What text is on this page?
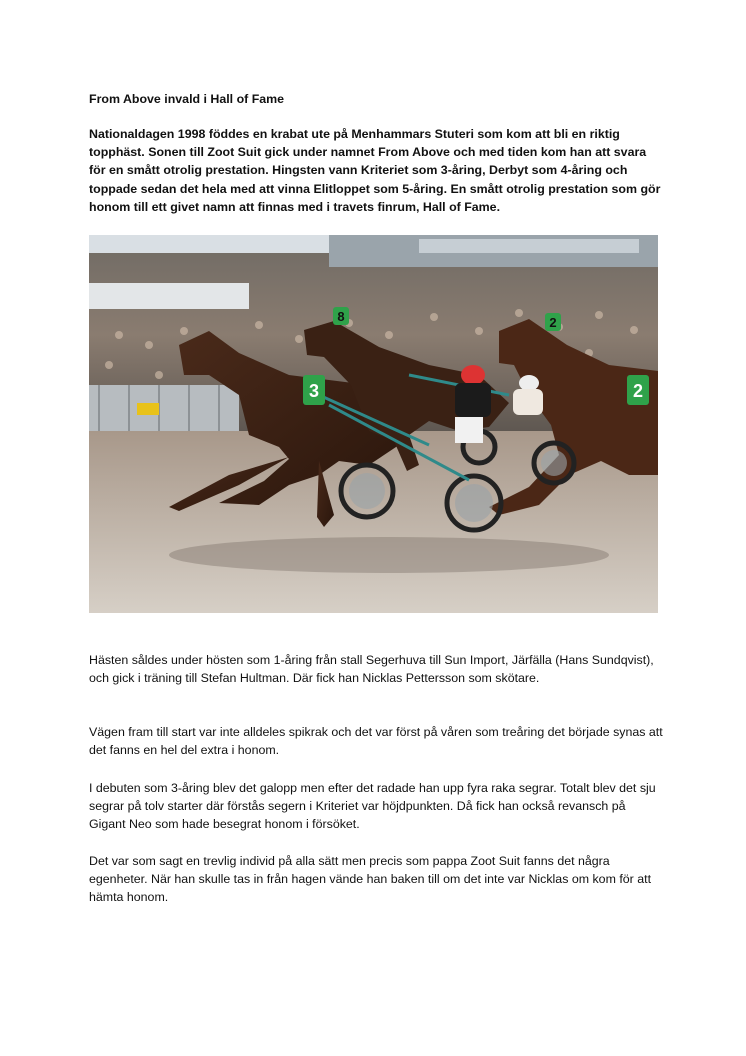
From Above invald i Hall of Fame
Nationaldagen 1998 föddes en krabat ute på Menhammars Stuteri som kom att bli en riktig topphäst. Sonen till Zoot Suit gick under namnet From Above och med tiden kom han att svara för en smått otrolig prestation. Hingsten vann Kriteriet som 3-åring, Derbyt som 4-åring och toppade sedan det hela med att vinna Elitloppet som 5-åring. En smått otrolig prestation som gör honom till ett givet namn att finnas med i travets finrum, Hall of Fame.
3
8	2
2

Hästen såldes under hösten som 1-åring från stall Segerhuva till Sun Import, Järfälla (Hans Sundqvist), och gick i träning till Stefan Hultman. Där fick han Nicklas Pettersson som skötare.

Vägen fram till start var inte alldeles spikrak och det var först på våren som treåring det började synas att det fanns en hel del extra i honom.

I debuten som 3-åring blev det galopp men efter det radade han upp fyra raka segrar. Totalt blev det sju segrar på tolv starter där förstås segern i Kriteriet var höjdpunkten. Då fick han också revansch på Gigant Neo som hade besegrat honom i försöket.

Det var som sagt en trevlig individ på alla sätt men precis som pappa Zoot Suit fanns det några egenheter. När han skulle tas in från hagen vände han baken till om det inte var Nicklas om kom för att hämta honom.
